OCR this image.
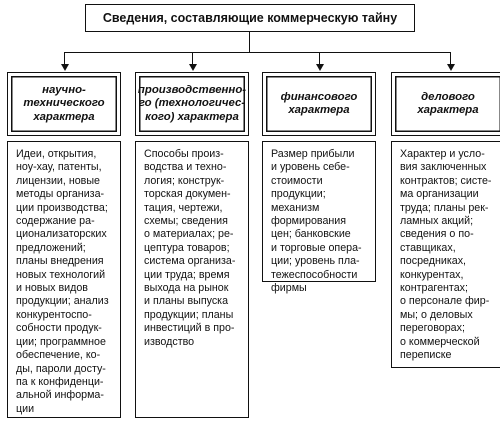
Сведения, составляющие коммерческую тайну
научно-
технического
характера
производственно-
го (технологичес-
кого) характера
финансового
характера
делового
характера
Идеи, открытия,
ноу-хау, патенты,
лицензии, новые
методы организа-
ции производства;
содержание ра-
ционализаторских
предложений;
планы внедрения
новых технологий
и новых видов
продукции; анализ
конкурентоспо-
собности продук-
ции; программное
обеспечение, ко-
ды, пароли досту-
па к конфиденци-
альной информа-
ции
Способы произ-
водства и техно-
логия; конструк-
торская докумен-
тация, чертежи,
схемы; сведения
о материалах; ре-
цептура товаров;
система организа-
ции труда; время
выхода на рынок
и планы выпуска
продукции; планы
инвестиций в про-
изводство
Размер прибыли
и уровень себе-
стоимости продукции;
механизм
формирования
цен; банковские
и торговые опера-
ции; уровень пла-
тежеспособности
фирмы
Характер и усло-
вия заключенных
контрактов; систе-
ма организации
труда; планы рек-
ламных акций;
сведения о по-
ставщиках,
посредниках,
конкурентах,
контрагентах;
о персонале фир-
мы; о деловых
переговорах;
о коммерческой
переписке
